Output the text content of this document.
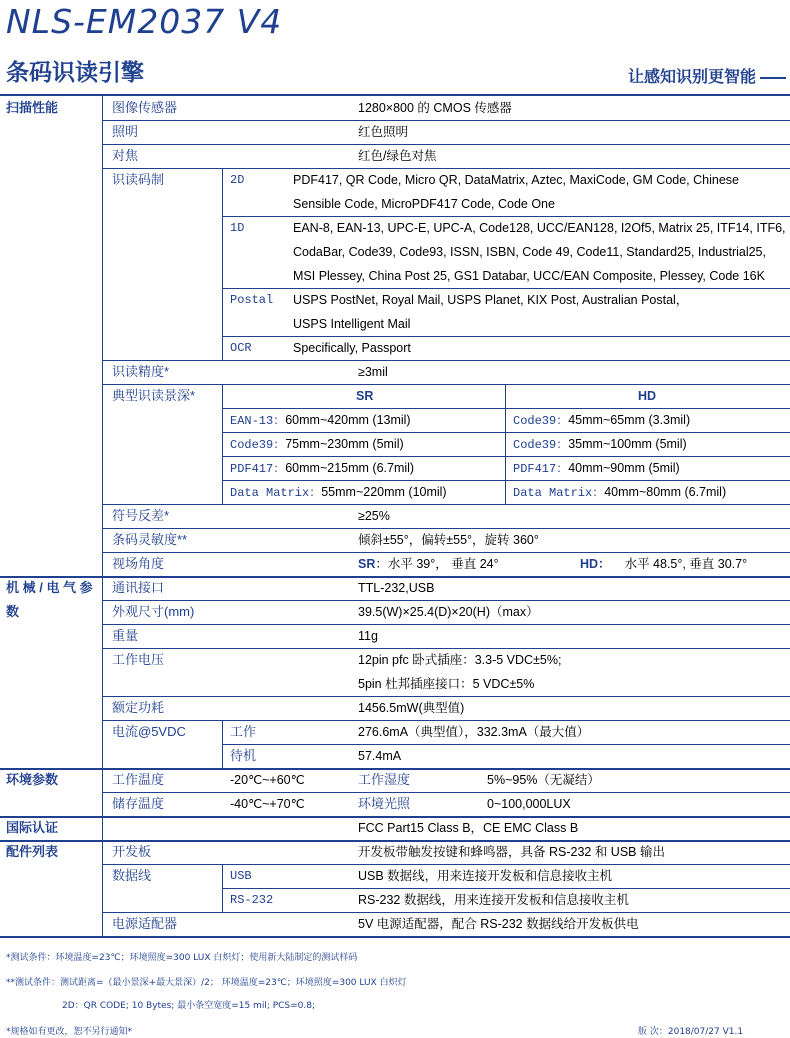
NLS-EM2037 V4
条码识读引擎	让感知识别更智能
扫描性能	图像传感器	1280×800 的 CMOS 传感器
照明	红色照明
对焦	红色/绿色对焦
识读码制	2D	PDF417, QR Code, Micro QR, DataMatrix, Aztec, MaxiCode, GM Code, Chinese
Sensible Code, MicroPDF417 Code, Code One
1D	EAN-8, EAN-13, UPC-E, UPC-A, Code128, UCC/EAN128, I2Of5, Matrix 25, ITF14, ITF6,
CodaBar, Code39, Code93, ISSN, ISBN, Code 49, Code11, Standard25, Industrial25,
MSI Plessey, China Post 25, GS1 Databar, UCC/EAN Composite, Plessey, Code 16K
Postal USPS PostNet, Royal Mail, USPS Planet, KIX Post, Australian Postal，
USPS Intelligent Mail
OCR	Specifically, Passport
识读精度*	≥3mil
典型识读景深*	SR	HD
EAN-13：60mm~420mm (13mil)	Code39：45mm~65mm (3.3mil)
Code39：75mm~230mm (5mil)	Code39：35mm~100mm (5mil)
PDF417：60mm~215mm (6.7mil)	PDF417：40mm~90mm (5mil)
Data Matrix：55mm~220mm (10mil)	Data Matrix：40mm~80mm (6.7mil)
符号反差*	≥25%
条码灵敏度**	倾斜±55°，偏转±55°，旋转 360°
视场角度	SR：水平 39°， 垂直 24°	HD： 水平 48.5°, 垂直 30.7°
机 械 / 电 气 参
数
通讯接口	TTL-232,USB
外观尺寸(mm)	39.5(W)×25.4(D)×20(H)（max）
重量	11g
工作电压	12pin pfc 卧式插座：3.3-5 VDC±5%;
5pin 杜邦插座接口：5 VDC±5%
额定功耗	1456.5mW(典型值)
电流@5VDC	工作	276.6mA（典型值），332.3mA（最大值）
待机	57.4mA
环境参数	工作温度	-20℃~+60℃	工作湿度	5%~95%（无凝结）
储存温度	-40℃~+70℃	环境光照	0~100,000LUX
国际认证	FCC Part15 Class B，CE EMC Class B
配件列表	开发板	开发板带触发按键和蜂鸣器，具备 RS-232 和 USB 输出
数据线	USB	USB 数据线，用来连接开发板和信息接收主机
RS-232	RS-232 数据线，用来连接开发板和信息接收主机
电源适配器	5V 电源适配器，配合 RS-232 数据线给开发板供电
*测试条件：环境温度=23℃；环境照度=300 LUX 白炽灯；使用新大陆制定的测试样码
**测试条件：测试距离=（最小景深+最大景深）/2； 环境温度=23℃；环境照度=300 LUX 白炽灯
2D：QR CODE; 10 Bytes; 最小条空宽度=15 mil; PCS=0.8;
*规格如有更改，恕不另行通知*	版 次：2018/07/27 V1.1
